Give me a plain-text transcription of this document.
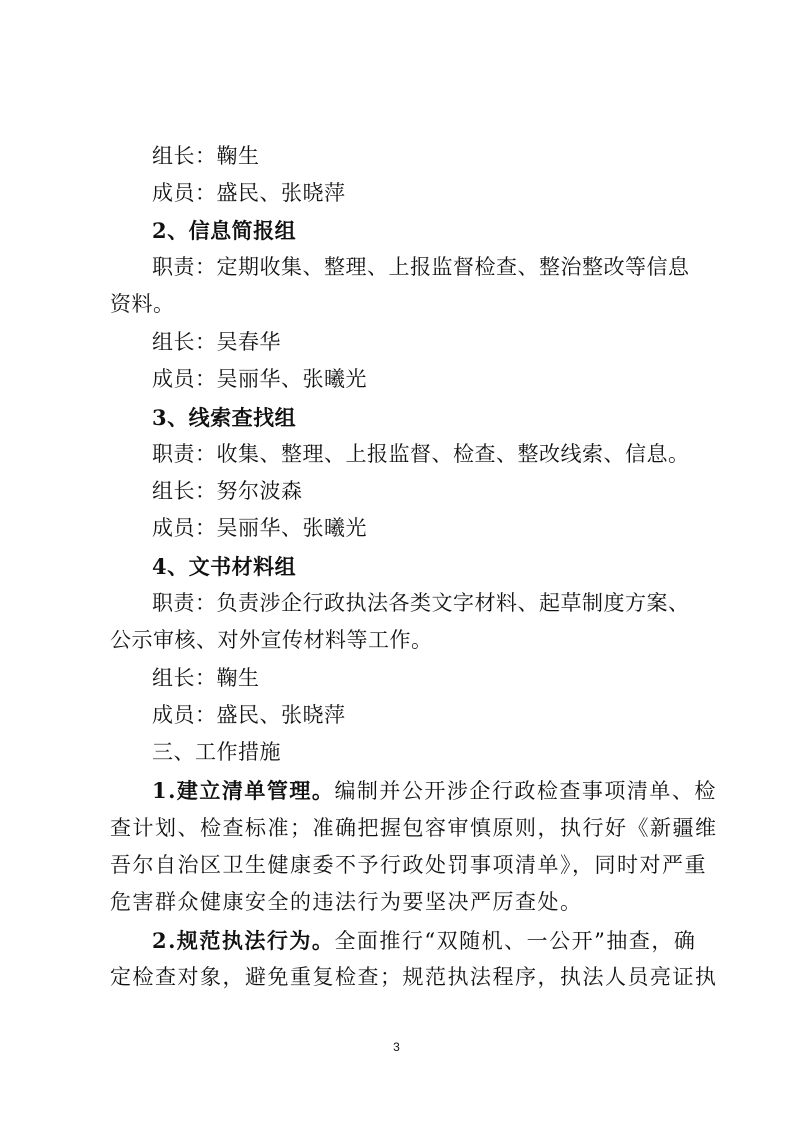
组长：鞠生
成员：盛民、张晓萍
2、信息简报组
职责：定期收集、整理、上报监督检查、整治整改等信息
资料。
组长：吴春华
成员：吴丽华、张曦光
3、线索查找组
职责：收集、整理、上报监督、检查、整改线索、信息。
组长：努尔波森
成员：吴丽华、张曦光
4、文书材料组
职责：负责涉企行政执法各类文字材料、起草制度方案、
公示审核、对外宣传材料等工作。
组长：鞠生
成员：盛民、张晓萍
三、工作措施
1.建立清单管理。编制并公开涉企行政检查事项清单、检
查计划、检查标准；准确把握包容审慎原则，执行好《新疆维
吾尔自治区卫生健康委不予行政处罚事项清单》，同时对严重
危害群众健康安全的违法行为要坚决严厉查处。
2.规范执法行为。全面推行“双随机、一公开”抽查，确
定检查对象，避免重复检查；规范执法程序，执法人员亮证执
3
